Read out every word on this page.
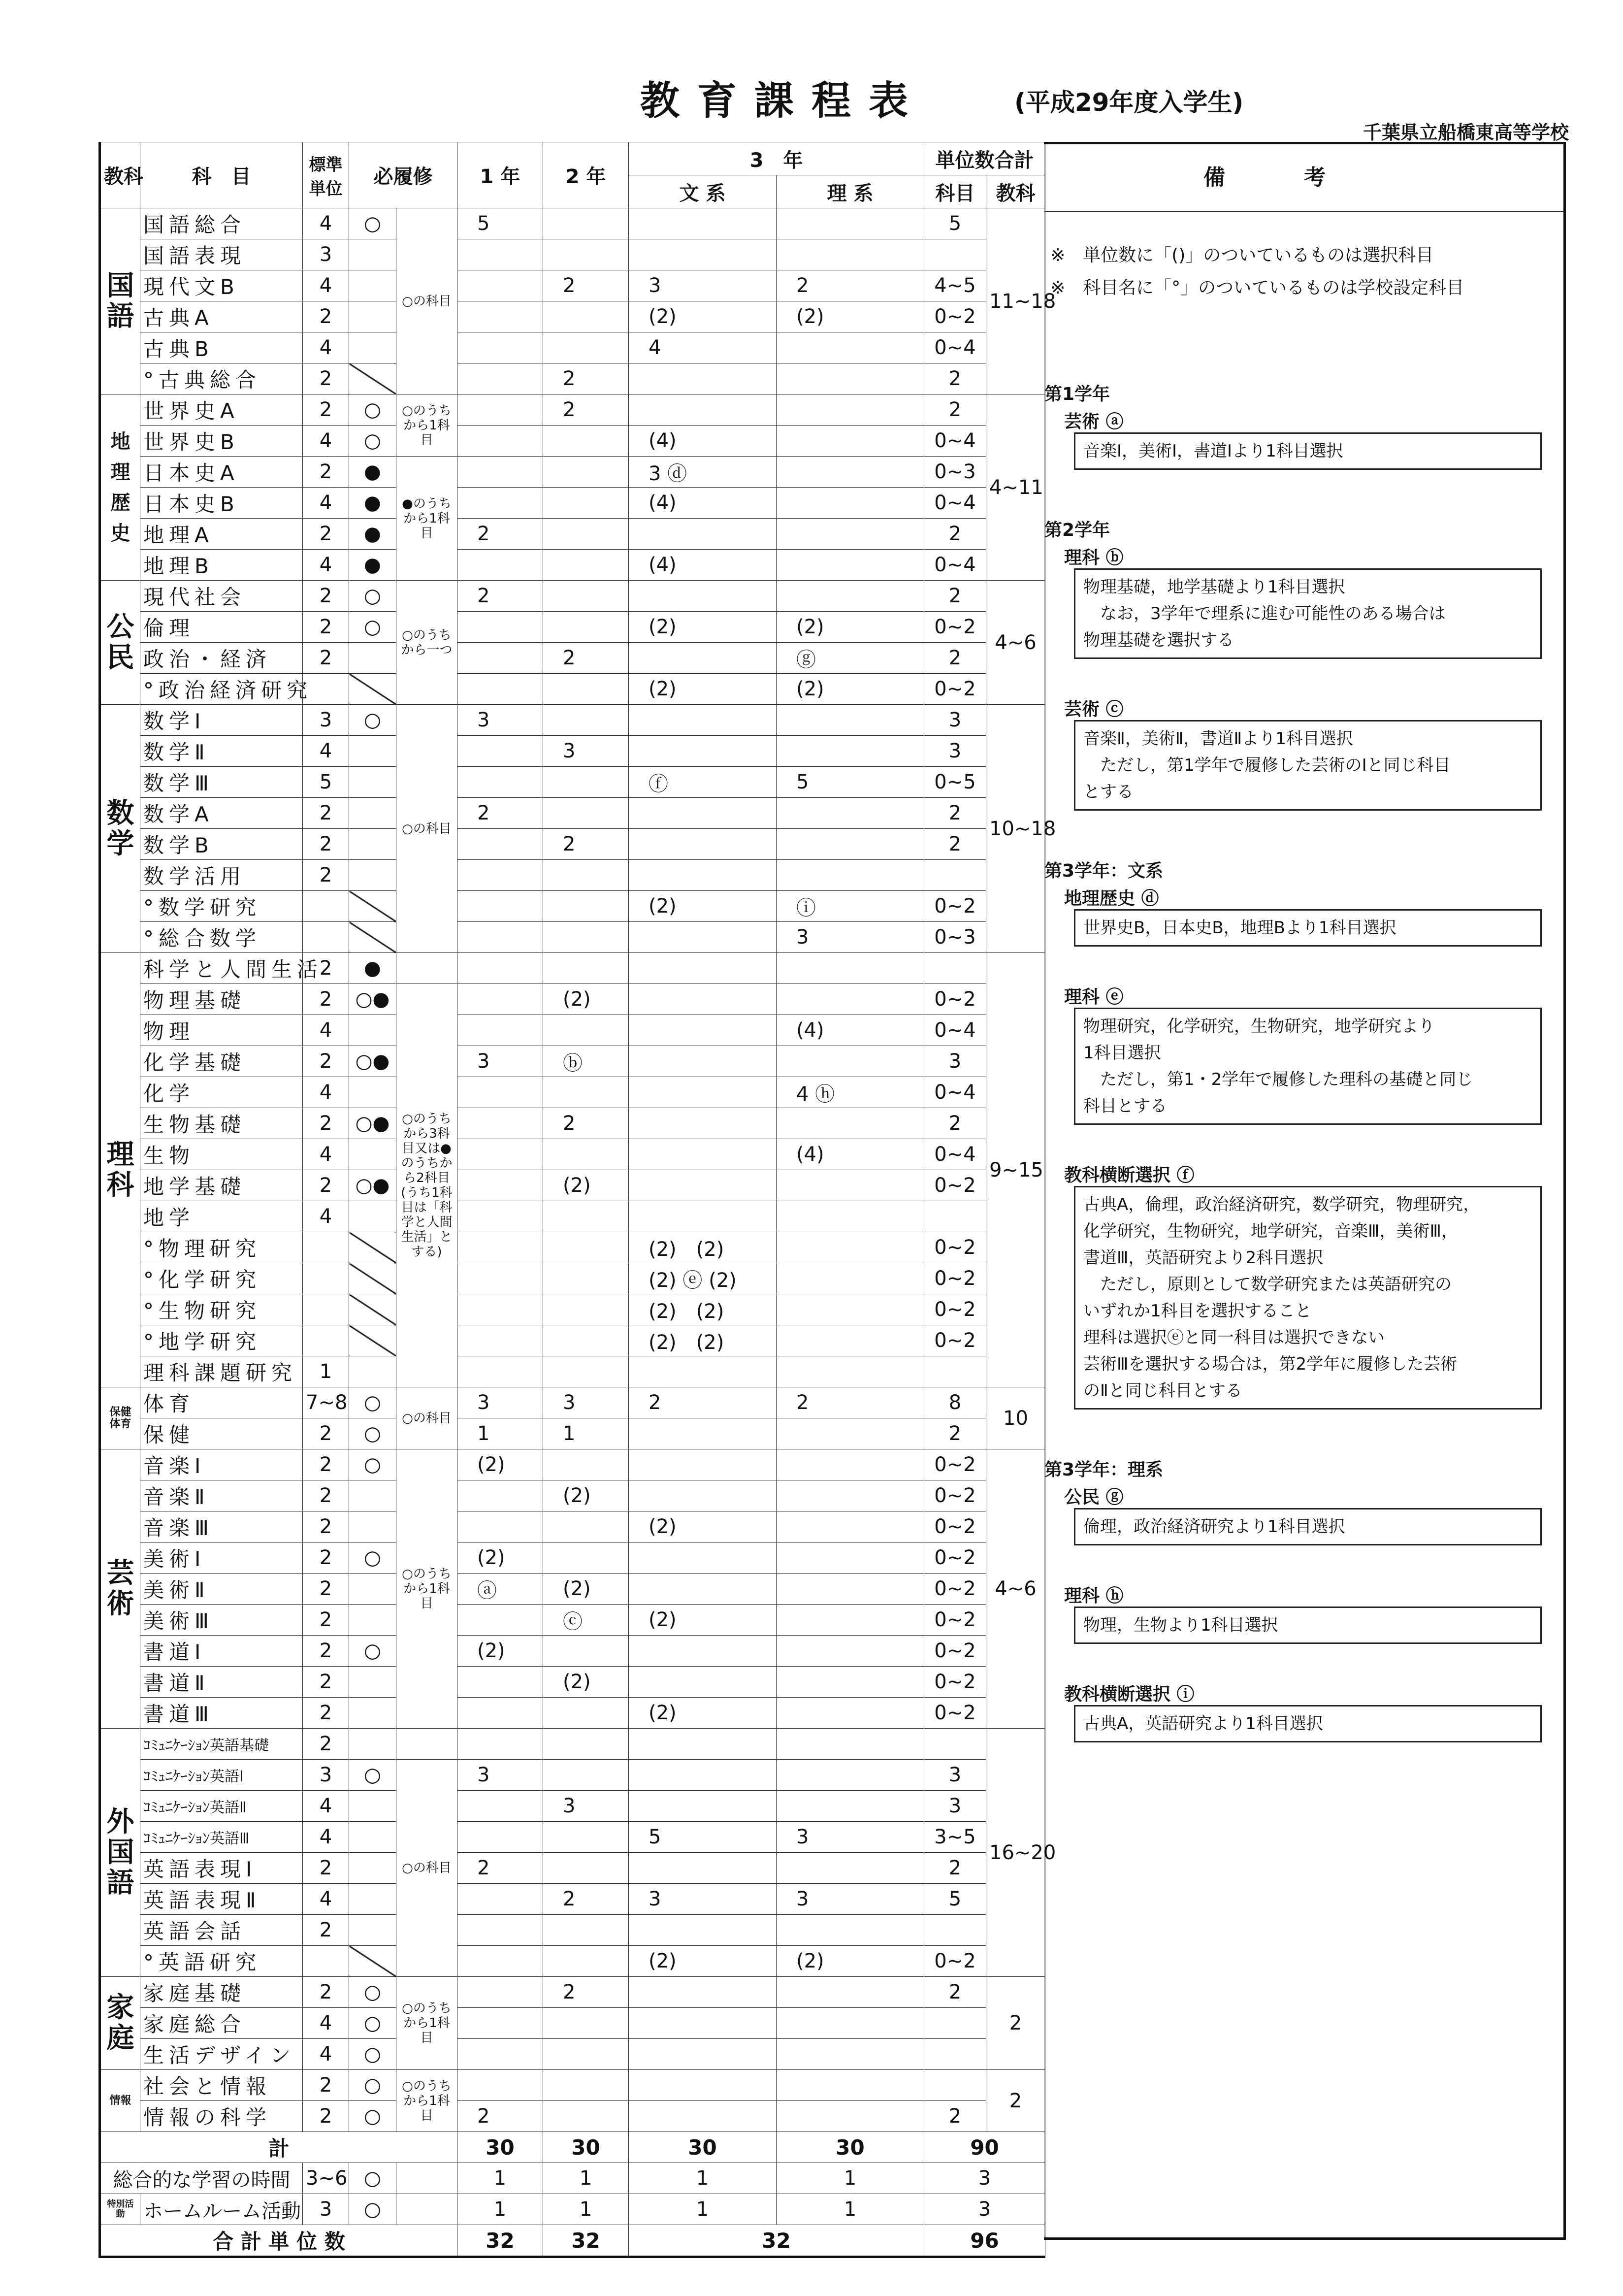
教育課程表	(平成29年度入学生)
千葉県立船橋東高等学校
教科	科　目	標準単位	必履修		1 年	2 年	3　年		単位数合計	
							文 系	理 系	科目	教科
国語	国語総合	4	○	○の科目	5				5	11~18
	国語表現	3								
	現代文B	4				2	3	2	4~5	
	古典A	2					(2)	(2)	0~2	
	古典B	4					4		0~4	
	°古典総合	2				2			2	
地理歴史	世界史A	2	○	○のうちから1科目		2			2	4~11
	世界史B	4	○				(4)		0~4	
	日本史A	2	●	●のうちから1科目			3 ⓓ		0~3	
	日本史B	4	●				(4)		0~4	
	地理A	2	●		2				2	
	地理B	4	●				(4)		0~4	
公民	現代社会	2	○	○のうちから一つ	2				2	4~6
	倫理	2	○				(2)	(2)	0~2	
	政治・経済	2				2		ⓖ	2	
	°政治経済研究						(2)	(2)	0~2	
数学	数学Ⅰ	3	○	○の科目	3				3	10~18
	数学Ⅱ	4				3			3	
	数学Ⅲ	5					ⓕ	5	0~5	
	数学A	2			2				2	
	数学B	2				2			2	
	数学活用	2								
	°数学研究						(2)	ⓘ	0~2	
	°総合数学							3	0~3	
理科	科学と人間生活	2	●							9~15
	物理基礎	2	○●	○のうちから3科目又は●のうちから2科目(うち1科目は「科学と人間生活」とする)		(2)			0~2	
	物理	4						(4)	0~4	
	化学基礎	2	○●		3	ⓑ			3	
	化学	4						4 ⓗ	0~4	
	生物基礎	2	○●			2			2	
	生物	4						(4)	0~4	
	地学基礎	2	○●			(2)			0~2	
	地学	4								
	°物理研究						(2)　(2)		0~2	
	°化学研究						(2) ⓔ (2)		0~2	
	°生物研究						(2)　(2)		0~2	
	°地学研究						(2)　(2)		0~2	
	理科課題研究	1								
保健体育	体育	7~8	○	○の科目	3	3	2	2	8	10
	保健	2	○		1	1			2	
芸術	音楽Ⅰ	2	○	○のうちから1科目	(2)				0~2	4~6
	音楽Ⅱ	2				(2)			0~2	
	音楽Ⅲ	2					(2)		0~2	
	美術Ⅰ	2	○		(2)				0~2	
	美術Ⅱ	2			ⓐ	(2)			0~2	
	美術Ⅲ	2				ⓒ	(2)		0~2	
	書道Ⅰ	2	○		(2)				0~2	
	書道Ⅱ	2				(2)			0~2	
	書道Ⅲ	2					(2)		0~2	
外国語	ｺﾐｭﾆｹｰｼｮﾝ英語基礎	2								16~20
	ｺﾐｭﾆｹｰｼｮﾝ英語Ⅰ	3	○	○の科目	3				3	
	ｺﾐｭﾆｹｰｼｮﾝ英語Ⅱ	4				3			3	
	ｺﾐｭﾆｹｰｼｮﾝ英語Ⅲ	4					5	3	3~5	
	英語表現Ⅰ	2			2				2	
	英語表現Ⅱ	4				2	3	3	5	
	英語会話	2								
	°英語研究						(2)	(2)	0~2	
家庭	家庭基礎	2	○	○のうちから1科目		2			2	2
	家庭総合	4	○							
	生活デザイン	4	○							
情報	社会と情報	2	○	○のうちから1科目						2
	情報の科学	2	○		2				2	
計					30	30	30	30	90	
総合的な学習の時間		3~6	○		1	1	1	1	3	
特別活動	ホームルーム活動	3	○		1	1	1	1	3	
合 計 単 位 数					32	32	32		96	
備考
※　単位数に「()」のついているものは選択科目
※　科目名に「°」のついているものは学校設定科目
第1学年
芸術 ⓐ
音楽Ⅰ，美術Ⅰ，書道Ⅰより1科目選択
第2学年
理科 ⓑ
物理基礎，地学基礎より1科目選択
　なお，3学年で理系に進む可能性のある場合は
物理基礎を選択する
芸術 ⓒ
音楽Ⅱ，美術Ⅱ，書道Ⅱより1科目選択
　ただし，第1学年で履修した芸術のⅠと同じ科目
とする
第3学年：文系
地理歴史 ⓓ
世界史B，日本史B，地理Bより1科目選択
理科 ⓔ
物理研究，化学研究，生物研究，地学研究より
1科目選択
　ただし，第1・2学年で履修した理科の基礎と同じ
科目とする
教科横断選択 ⓕ
古典A，倫理，政治経済研究，数学研究，物理研究，
化学研究，生物研究，地学研究，音楽Ⅲ，美術Ⅲ，
書道Ⅲ，英語研究より2科目選択
　ただし，原則として数学研究または英語研究の
いずれか1科目を選択すること
理科は選択ⓔと同一科目は選択できない
芸術Ⅲを選択する場合は，第2学年に履修した芸術
のⅡと同じ科目とする
第3学年：理系
公民 ⓖ
倫理，政治経済研究より1科目選択
理科 ⓗ
物理，生物より1科目選択
教科横断選択 ⓘ
古典A，英語研究より1科目選択
